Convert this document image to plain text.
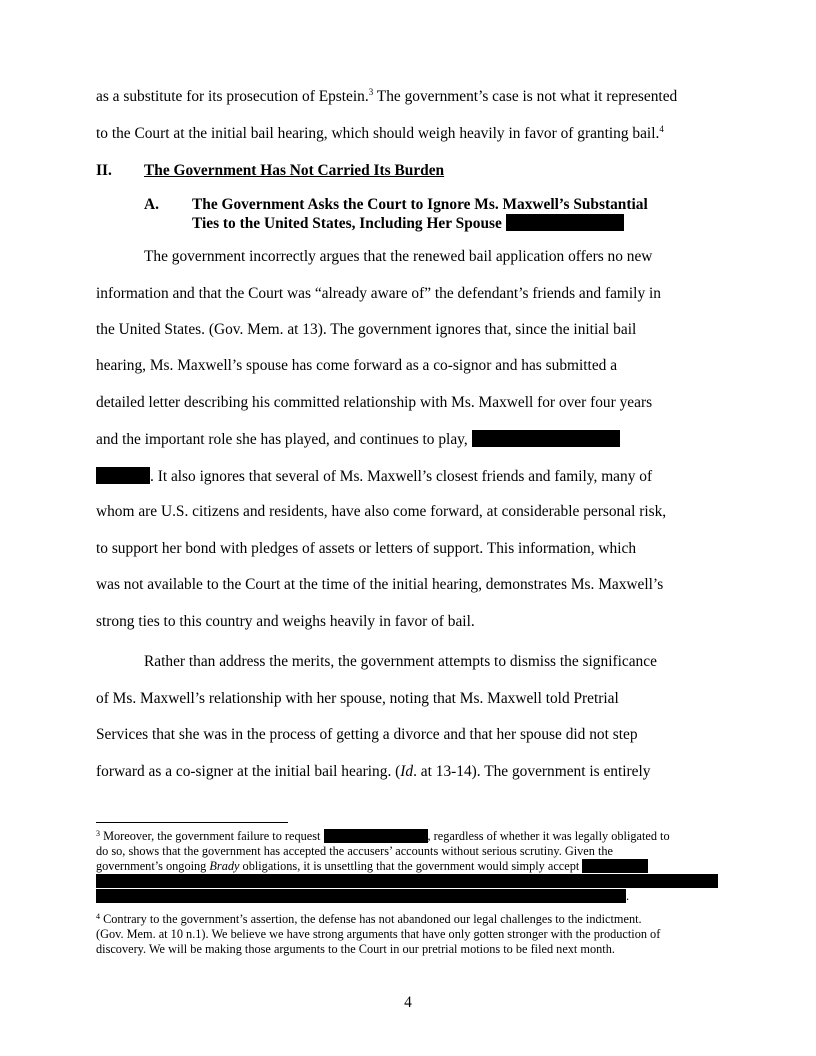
as a substitute for its prosecution of Epstein.$^3$ The government’s case is not what it represented
to the Court at the initial bail hearing, which should weigh heavily in favor of granting bail.$^4$
II. The Government Has Not Carried Its Burden
A. The Government Asks the Court to Ignore Ms. Maxwell’s Substantial
Ties to the United States, Including Her Spouse
The government incorrectly argues that the renewed bail application offers no new
information and that the Court was “already aware of” the defendant’s friends and family in
the United States. (Gov. Mem. at 13). The government ignores that, since the initial bail
hearing, Ms. Maxwell’s spouse has come forward as a co-signor and has submitted a
detailed letter describing his committed relationship with Ms. Maxwell for over four years
and the important role she has played, and continues to play,
. It also ignores that several of Ms. Maxwell’s closest friends and family, many of
whom are U.S. citizens and residents, have also come forward, at considerable personal risk,
to support her bond with pledges of assets or letters of support. This information, which
was not available to the Court at the time of the initial hearing, demonstrates Ms. Maxwell’s
strong ties to this country and weighs heavily in favor of bail.
Rather than address the merits, the government attempts to dismiss the significance
of Ms. Maxwell’s relationship with her spouse, noting that Ms. Maxwell told Pretrial
Services that she was in the process of getting a divorce and that her spouse did not step
forward as a co-signer at the initial bail hearing. (Id. at 13-14). The government is entirely
$^3$ Moreover, the government failure to request	, regardless of whether it was legally obligated to
do so, shows that the government has accepted the accusers’ accounts without serious scrutiny. Given the
government’s ongoing Brady obligations, it is unsettling that the government would simply accept
.
$^4$ Contrary to the government’s assertion, the defense has not abandoned our legal challenges to the indictment.
(Gov. Mem. at 10 n.1). We believe we have strong arguments that have only gotten stronger with the production of
discovery. We will be making those arguments to the Court in our pretrial motions to be filed next month.
4
